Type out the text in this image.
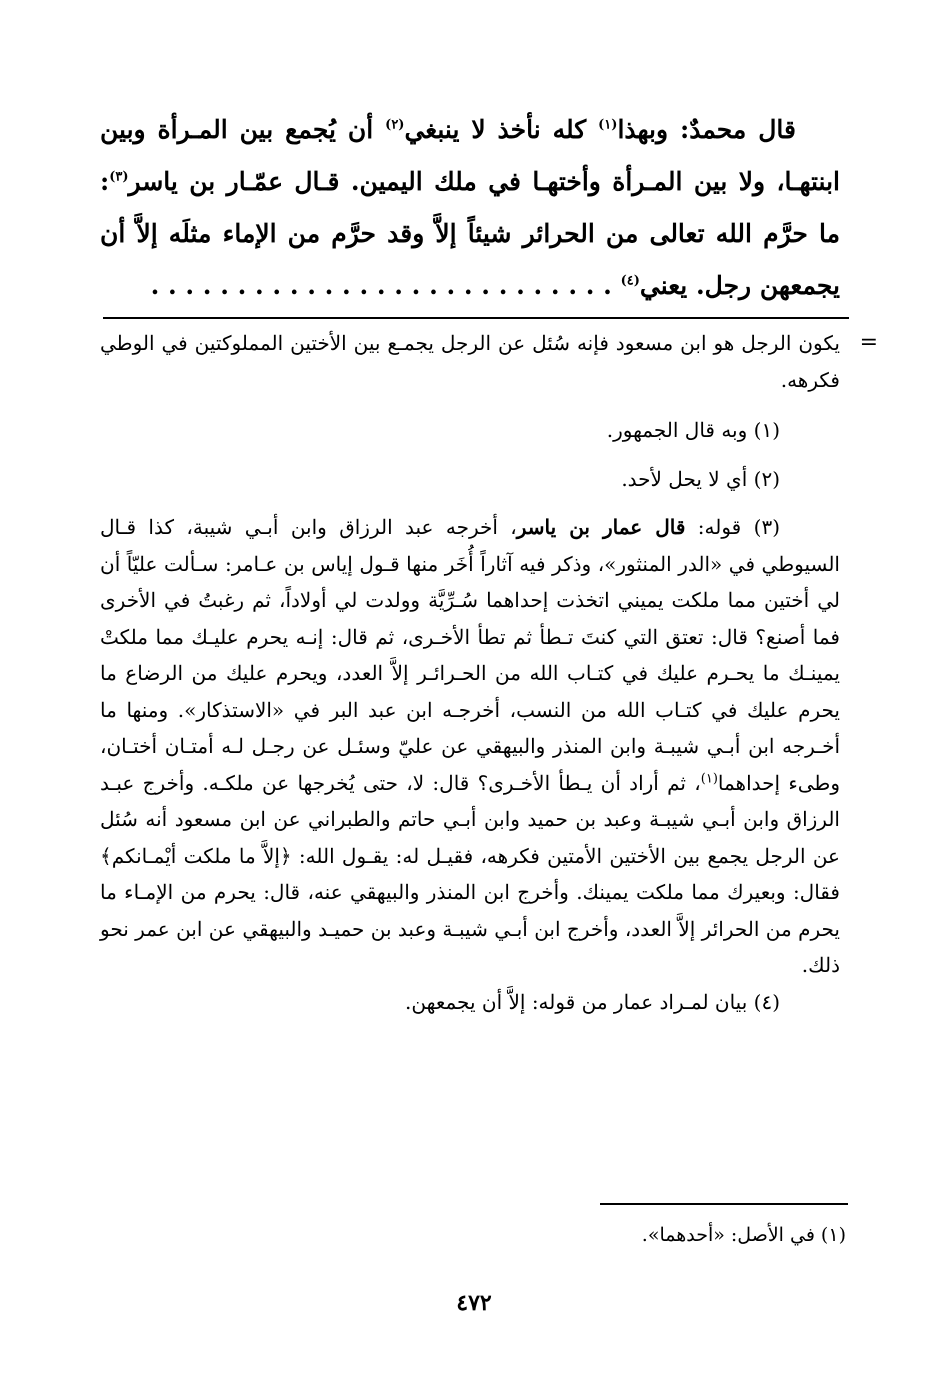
قال محمدٌ: وبهذا$^{(١)}$ كله نأخذ لا ينبغي$^{(٢)}$ أن يُجمع بين المـرأة وبين ابنتهـا، ولا بين المـرأة وأختهـا في ملك اليمين. قـال عمّـار بن ياسر$^{(٣)}$: ما حرَّم الله تعالى من الحرائر شيئاً إلاَّ وقد حرَّم من الإماء مثلَه إلاَّ أن يجمعهن رجل. يعني$^{(٤)}$ . . . . . . . . . . . . . . . . . . . . . . . . . . .

=

يكون الرجل هو ابن مسعود فإنه سُئل عن الرجل يجمـع بين الأختين المملوكتين في الوطي فكرهه.

(١) وبه قال الجمهور.

(٢) أي لا يحل لأحد.

(٣) قوله: قال عمار بن ياسر، أخرجه عبد الرزاق وابن أبـي شيبة، كذا قـال السيوطي في «الدر المنثور»، وذكر فيه آثاراً أُخَر منها قـول إياس بن عـامر: سـألت عليّاً أن لي أختين مما ملكت يميني اتخذت إحداهما سُـرِّيَّة وولدت لي أولاداً، ثم رغبتُ في الأخرى فما أصنع؟ قال: تعتق التي كنتَ تـطأ ثم تطأ الأخـرى، ثم قال: إنـه يحرم عليـك مما ملكتْ يمينـك ما يحـرم عليك في كتـاب الله من الحـرائـر إلاَّ العدد، ويحرم عليك من الرضاع ما يحرم عليك في كتـاب الله من النسب، أخرجـه ابن عبد البر في «الاستذكار». ومنها ما أخـرجه ابن أبـي شيبـة وابن المنذر والبيهقي عن عليّ وسئـل عن رجـل لـه أمتـان أختـان، وطىء إحداهما$^{(١)}$، ثم أراد أن يـطأ الأخـرى؟ قال: لا، حتى يُخرجها عن ملكـه. وأخرج عبـد الرزاق وابن أبـي شيبـة وعبد بن حميد وابن أبـي حاتم والطبراني عن ابن مسعود أنه سُئل عن الرجل يجمع بين الأختين الأمتين فكرهه، فقيـل له: يقـول الله: ﴿إلاَّ ما ملكت أيْمـانكم﴾ فقال: وبعيرك مما ملكت يمينك. وأخرج ابن المنذر والبيهقي عنه، قال: يحرم من الإمـاء ما يحرم من الحرائر إلاَّ العدد، وأخرج ابن أبـي شيبـة وعبد بن حميـد والبيهقي عن ابن عمر نحو ذلك.

(٤) بيان لمـراد عمار من قوله: إلاَّ أن يجمعهن.

(١) في الأصل: «أحدهما».

٤٧٢
